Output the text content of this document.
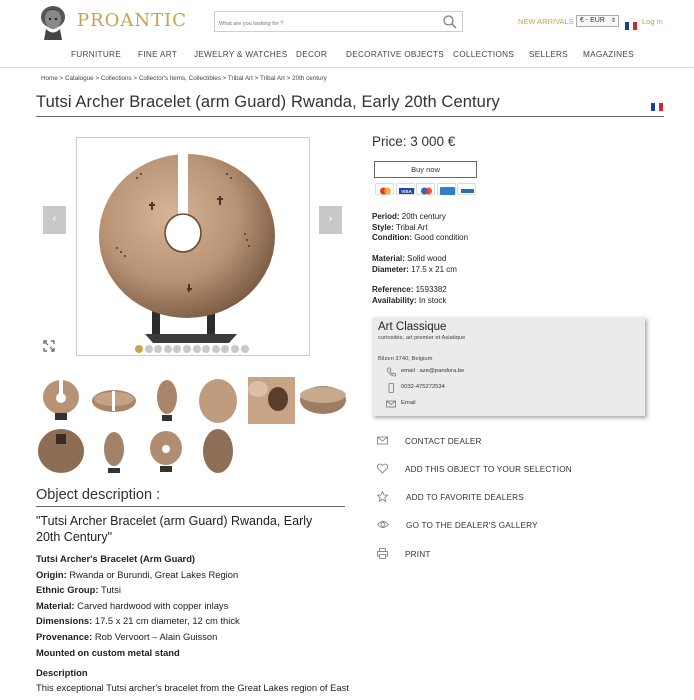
PROANTIC
What are you looking for ?	NEW ARRIVALS € - EUR ⇕	Log In
FURNITURE FINE ART JEWELRY & WATCHES DECOR DECORATIVE OBJECTS COLLECTIONS SELLERS MAGAZINES
Home > Catalogue > Collections > Collector's Items, Collectibles > Tribal Art > Tribal Art > 20th century
Tutsi Archer Bracelet (arm Guard) Rwanda, Early 20th Century
‹	›
Object description :
"Tutsi Archer Bracelet (arm Guard) Rwanda, Early 20th Century"
Tutsi Archer's Bracelet (Arm Guard)
Origin: Rwanda or Burundi, Great Lakes Region
Ethnic Group: Tutsi
Material: Carved hardwood with copper inlays
Dimensions: 17.5 x 21 cm diameter, 12 cm thick
Provenance: Rob Vervoort – Alain Guisson
Mounted on custom metal stand
Description
This exceptional Tutsi archer's bracelet from the Great Lakes region of East
Price: 3 000 €
Buy now
VISA
Period: 20th century
Style: Tribal Art
Condition: Good condition
Material: Solid wood
Diameter: 17.5 x 21 cm
Reference: 1593382
Availability: In stock
Art Classique
curiosités, art premier et Asiatique
Bilzen 3740, Belgium
email : aze@pandora.be
0032-475272534
Email
CONTACT DEALER
ADD THIS OBJECT TO YOUR SELECTION
ADD TO FAVORITE DEALERS
GO TO THE DEALER'S GALLERY
PRINT
